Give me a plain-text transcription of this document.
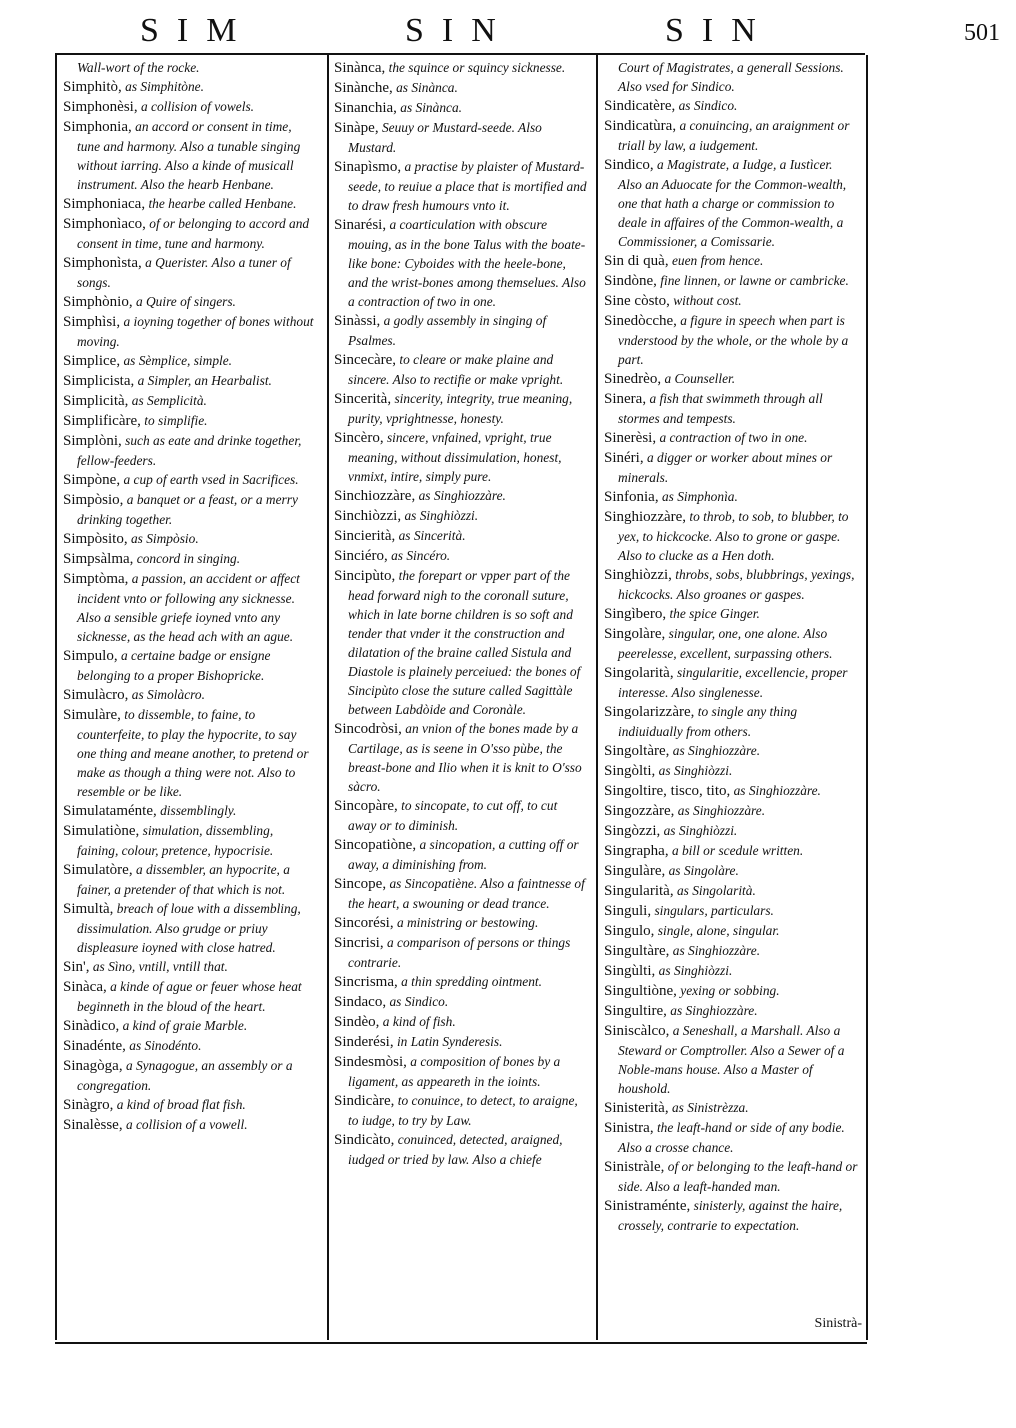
SIM	SIN	SIN	501

Wall-wort of the rocke.

Simphitò, as Simphitòne.

Simphonèsi, a collision of vowels.

Simphonia, an accord or consent in time, tune and harmony. Also a tunable singing without iarring. Also a kinde of musicall instrument. Also the hearb Henbane.

Simphoniaca, the hearbe called Henbane.

Simphonìaco, of or belonging to accord and consent in time, tune and harmony.

Simphonìsta, a Querister. Also a tuner of songs.

Simphònio, a Quire of singers.

Simphìsi, a ioyning together of bones without moving.

Simplice, as Sèmplice, simple.

Simplicista, a Simpler, an Hearbalist.

Simplicità, as Semplicità.

Simplificàre, to simplifie.

Simplòni, such as eate and drinke together, fellow-feeders.

Simpòne, a cup of earth vsed in Sacrifices.

Simpòsio, a banquet or a feast, or a merry drinking together.

Simpòsito, as Simpòsio.

Simpsàlma, concord in singing.

Simptòma, a passion, an accident or affect incident vnto or following any sicknesse. Also a sensible griefe ioyned vnto any sicknesse, as the head ach with an ague.

Simpulo, a certaine badge or ensigne belonging to a proper Bishopricke.

Simulàcro, as Simolàcro.

Simulàre, to dissemble, to faine, to counterfeite, to play the hypocrite, to say one thing and meane another, to pretend or make as though a thing were not. Also to resemble or be like.

Simulataménte, dissemblingly.

Simulatiòne, simulation, dissembling, faining, colour, pretence, hypocrisie.

Simulatòre, a dissembler, an hypocrite, a fainer, a pretender of that which is not.

Simultà, breach of loue with a dissembling, dissimulation. Also grudge or priuy displeasure ioyned with close hatred.

Sin', as Sìno, vntill, vntill that.

Sinàca, a kinde of ague or feuer whose heat beginneth in the bloud of the heart.

Sinàdico, a kind of graie Marble.

Sinadénte, as Sinodénto.

Sinagòga, a Synagogue, an assembly or a congregation.

Sinàgro, a kind of broad flat fish.

Sinalèsse, a collision of a vowell.

Sinànca, the squince or squincy sicknesse.

Sinànche, as Sinànca.

Sinanchia, as Sinànca.

Sinàpe, Seuuy or Mustard-seede. Also Mustard.

Sinapìsmo, a practise by plaister of Mustard-seede, to reuiue a place that is mortified and to draw fresh humours vnto it.

Sinarési, a coarticulation with obscure mouing, as in the bone Talus with the boate-like bone: Cyboides with the heele-bone, and the wrist-bones among themselues. Also a contraction of two in one.

Sinàssi, a godly assembly in singing of Psalmes.

Sincecàre, to cleare or make plaine and sincere. Also to rectifie or make vpright.

Sincerità, sincerity, integrity, true meaning, purity, vprightnesse, honesty.

Sincèro, sincere, vnfained, vpright, true meaning, without dissimulation, honest, vnmixt, intire, simply pure.

Sinchiozzàre, as Singhiozzàre.

Sinchiòzzi, as Singhiòzzi.

Sincierità, as Sincerità.

Sinciéro, as Sincéro.

Sincipùto, the forepart or vpper part of the head forward nigh to the coronall suture, which in late borne children is so soft and tender that vnder it the construction and dilatation of the braine called Sistula and Diastole is plainely perceiued: the bones of Sincipùto close the suture called Sagittàle between Labdòide and Coronàle.

Sincodròsi, an vnion of the bones made by a Cartilage, as is seene in O'sso pùbe, the breast-bone and Ilio when it is knit to O'sso sàcro.

Sincopàre, to sincopate, to cut off, to cut away or to diminish.

Sincopatiòne, a sincopation, a cutting off or away, a diminishing from.

Sincope, as Sincopatiène. Also a faintnesse of the heart, a swouning or dead trance.

Sincorési, a ministring or bestowing.

Sincrisi, a comparison of persons or things contrarie.

Sincrisma, a thin spredding ointment.

Sindaco, as Sindico.

Sindèo, a kind of fish.

Sinderési, in Latin Synderesis.

Sindesmòsi, a composition of bones by a ligament, as appeareth in the ioints.

Sindicàre, to conuince, to detect, to araigne, to iudge, to try by Law.

Sindicàto, conuinced, detected, araigned, iudged or tried by law. Also a chiefe

Court of Magistrates, a generall Sessions. Also vsed for Sindico.

Sindicatère, as Sindico.

Sindicatùra, a conuincing, an araignment or triall by law, a iudgement.

Sindico, a Magistrate, a Iudge, a Iustìcer. Also an Aduocate for the Common-wealth, one that hath a charge or commission to deale in affaires of the Common-wealth, a Commissioner, a Comissarie.

Sin di quà, euen from hence.

Sindòne, fine linnen, or lawne or cambricke.

Sine còsto, without cost.

Sinedòcche, a figure in speech when part is vnderstood by the whole, or the whole by a part.

Sinedrèo, a Counseller.

Sinera, a fish that swimmeth through all stormes and tempests.

Sinerèsi, a contraction of two in one.

Sinéri, a digger or worker about mines or minerals.

Sinfonia, as Simphonìa.

Singhiozzàre, to throb, to sob, to blubber, to yex, to hickcocke. Also to grone or gaspe. Also to clucke as a Hen doth.

Singhiòzzi, throbs, sobs, blubbrings, yexings, hickcocks. Also groanes or gaspes.

Singìbero, the spice Ginger.

Singolàre, singular, one, one alone. Also peerelesse, excellent, surpassing others.

Singolarità, singularitie, excellencie, proper interesse. Also singlenesse.

Singolarizzàre, to single any thing indiuidually from others.

Singoltàre, as Singhiozzàre.

Singòlti, as Singhiòzzi.

Singoltire, tisco, tito, as Singhiozzàre.

Singozzàre, as Singhiozzàre.

Singòzzi, as Singhiòzzi.

Singrapha, a bill or scedule written.

Singulàre, as Singolàre.

Singularità, as Singolarità.

Singuli, singulars, particulars.

Singulo, single, alone, singular.

Singultàre, as Singhiozzàre.

Singùlti, as Singhiòzzi.

Singultiòne, yexing or sobbing.

Singultire, as Singhiozzàre.

Siniscàlco, a Seneshall, a Marshall. Also a Steward or Comptroller. Also a Sewer of a Noble-mans house. Also a Master of houshold.

Sinisterità, as Sinistrèzza.

Sinistra, the leaft-hand or side of any bodie. Also a crosse chance.

Sinistràle, of or belonging to the leaft-hand or side. Also a leaft-handed man.

Sinistraménte, sinisterly, against the haire, crossely, contrarie to expectation.

Sinistrà-
